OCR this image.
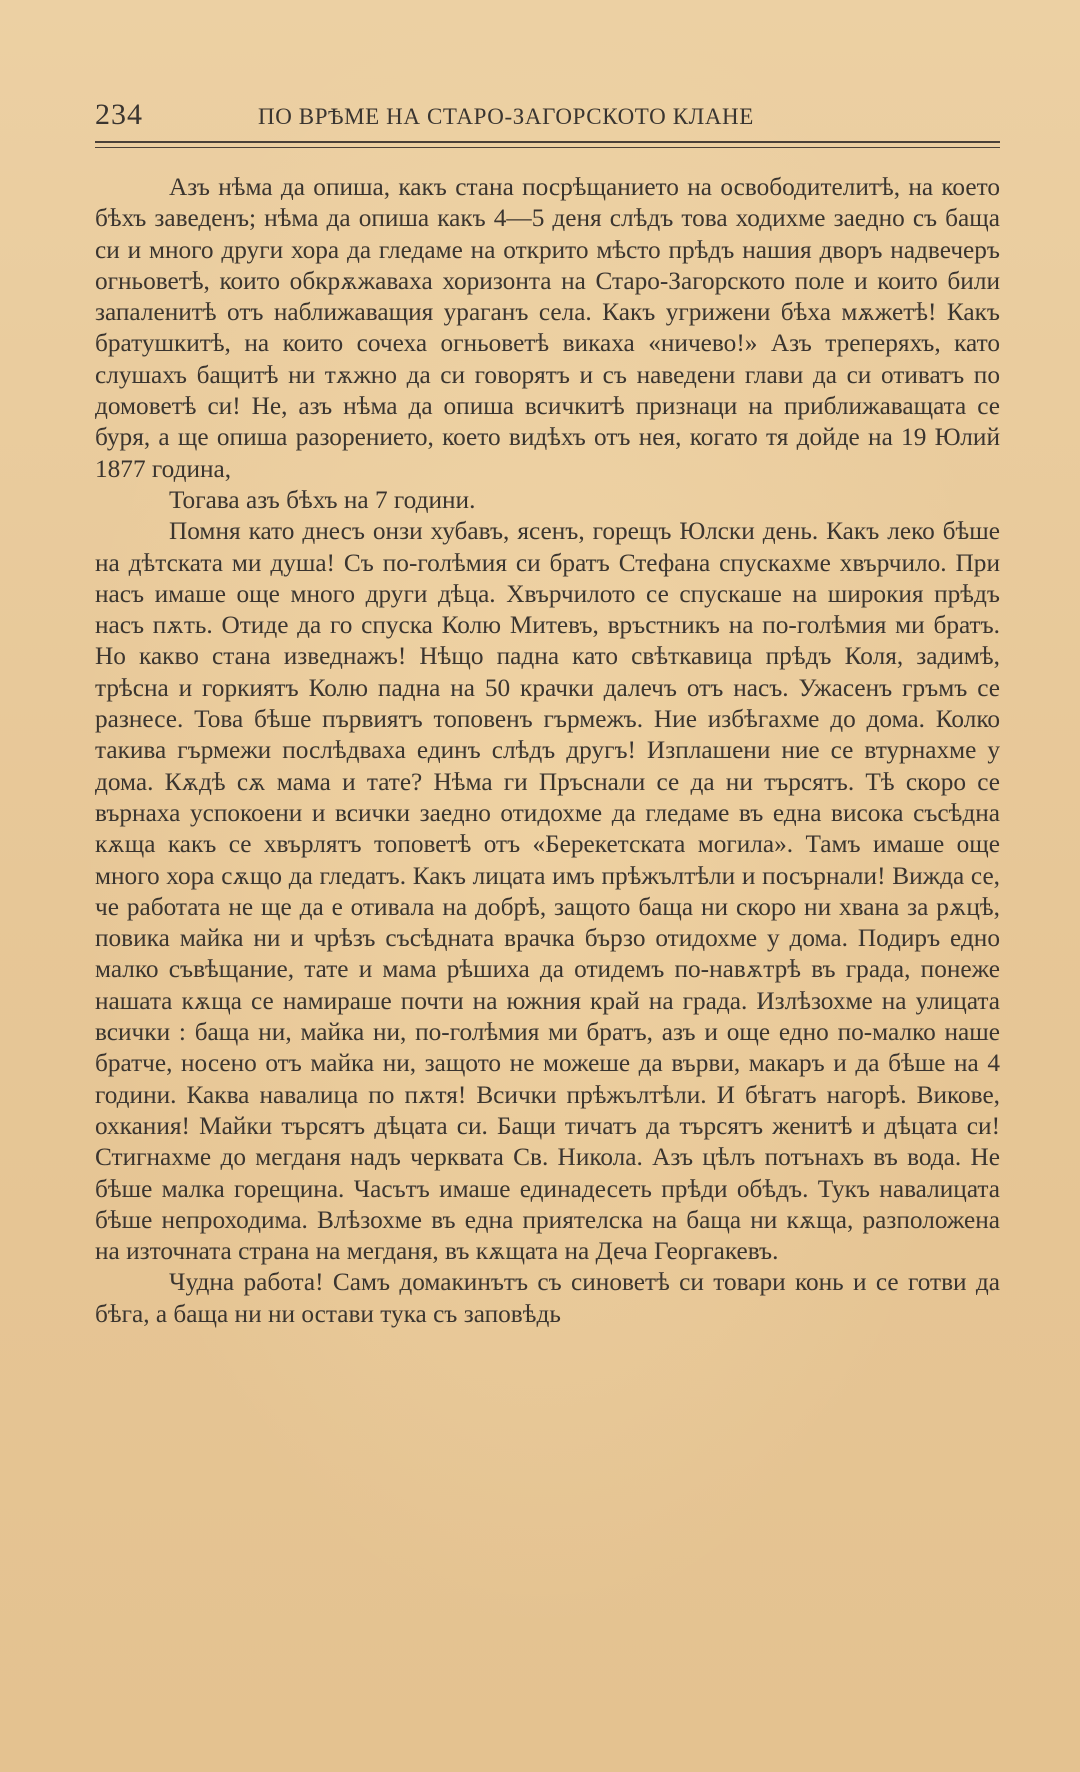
234	ПО ВРѢМЕ НА СТАРО-ЗАГОРСКОТО КЛАНЕ

Азъ нѣма да опиша, какъ стана посрѣщанието на освободителитѣ, на което бѣхъ заведенъ; нѣма да опиша какъ 4—5 деня слѣдъ това ходихме заедно съ баща си и много други хора да гледаме на открито мѣсто прѣдъ нашия дворъ надвечеръ огньоветѣ, които обкрѫжаваха хоризонта на Старо-Загорското поле и които били запаленитѣ отъ наближаващия ураганъ села. Какъ угрижени бѣха мѫжетѣ! Какъ братушкитѣ, на които сочеха огньоветѣ викаха «ничево!» Азъ треперяхъ, като слушахъ бащитѣ ни тѫжно да си говорятъ и съ наведени глави да си отиватъ по домоветѣ си! Не, азъ нѣма да опиша всичкитѣ признаци на приближаващата се буря, а ще опиша разорението, което видѣхъ отъ нея, когато тя дойде на 19 Юлий 1877 година,

Тогава азъ бѣхъ на 7 години.

Помня като днесъ онзи хубавъ, ясенъ, горещъ Юлски день. Какъ леко бѣше на дѣтската ми душа! Съ по-голѣмия си братъ Стефана спускахме хвърчило. При насъ имаше още много други дѣца. Хвърчилото се спускаше на широкия прѣдъ насъ пѫть. Отиде да го спуска Колю Митевъ, връстникъ на по-голѣмия ми братъ. Но какво стана изведнажъ! Нѣщо падна като свѣткавица прѣдъ Коля, задимѣ, трѣсна и горкиятъ Колю падна на 50 крачки далечъ отъ насъ. Ужасенъ гръмъ се разнесе. Това бѣше първиятъ топовенъ гърмежъ. Ние избѣгахме до дома. Колко такива гърмежи послѣдваха единъ слѣдъ другъ! Изплашени ние се втурнахме у дома. Кѫдѣ сѫ мама и тате? Нѣма ги Пръснали се да ни търсятъ. Тѣ скоро се върнаха успокоени и всички заедно отидохме да гледаме въ една висока съсѣдна кѫща какъ се хвърлятъ топоветѣ отъ «Берекетската могила». Тамъ имаше още много хора сѫщо да гледатъ. Какъ лицата имъ прѣжълтѣли и посърнали! Вижда се, че работата не ще да е отивала на добрѣ, защото баща ни скоро ни хвана за рѫцѣ, повика майка ни и чрѣзъ съсѣдната врачка бързо отидохме у дома. Подиръ едно малко съвѣщание, тате и мама рѣшиха да отидемъ по-навѫтрѣ въ града, понеже нашата кѫща се намираше почти на южния край на града. Излѣзохме на улицата всички : баща ни, майка ни, по-голѣмия ми братъ, азъ и още едно по-малко наше братче, носено отъ майка ни, защото не можеше да върви, макаръ и да бѣше на 4 години. Каква навалица по пѫтя! Всички прѣжълтѣли. И бѣгатъ нагорѣ. Викове, охкания! Майки търсятъ дѣцата си. Бащи тичатъ да търсятъ женитѣ и дѣцата си! Стигнахме до мегданя надъ черквата Св. Никола. Азъ цѣлъ потънахъ въ вода. Не бѣше малка горещина. Часътъ имаше единадесеть прѣди обѣдъ. Тукъ навалицата бѣше непроходима. Влѣзохме въ една приятелска на баща ни кѫща, разположена на източната страна на мегданя, въ кѫщата на Деча Георгакевъ.

Чудна работа! Самъ домакинътъ съ синоветѣ си товари конь и се готви да бѣга, а баща ни ни остави тука съ заповѣдь
